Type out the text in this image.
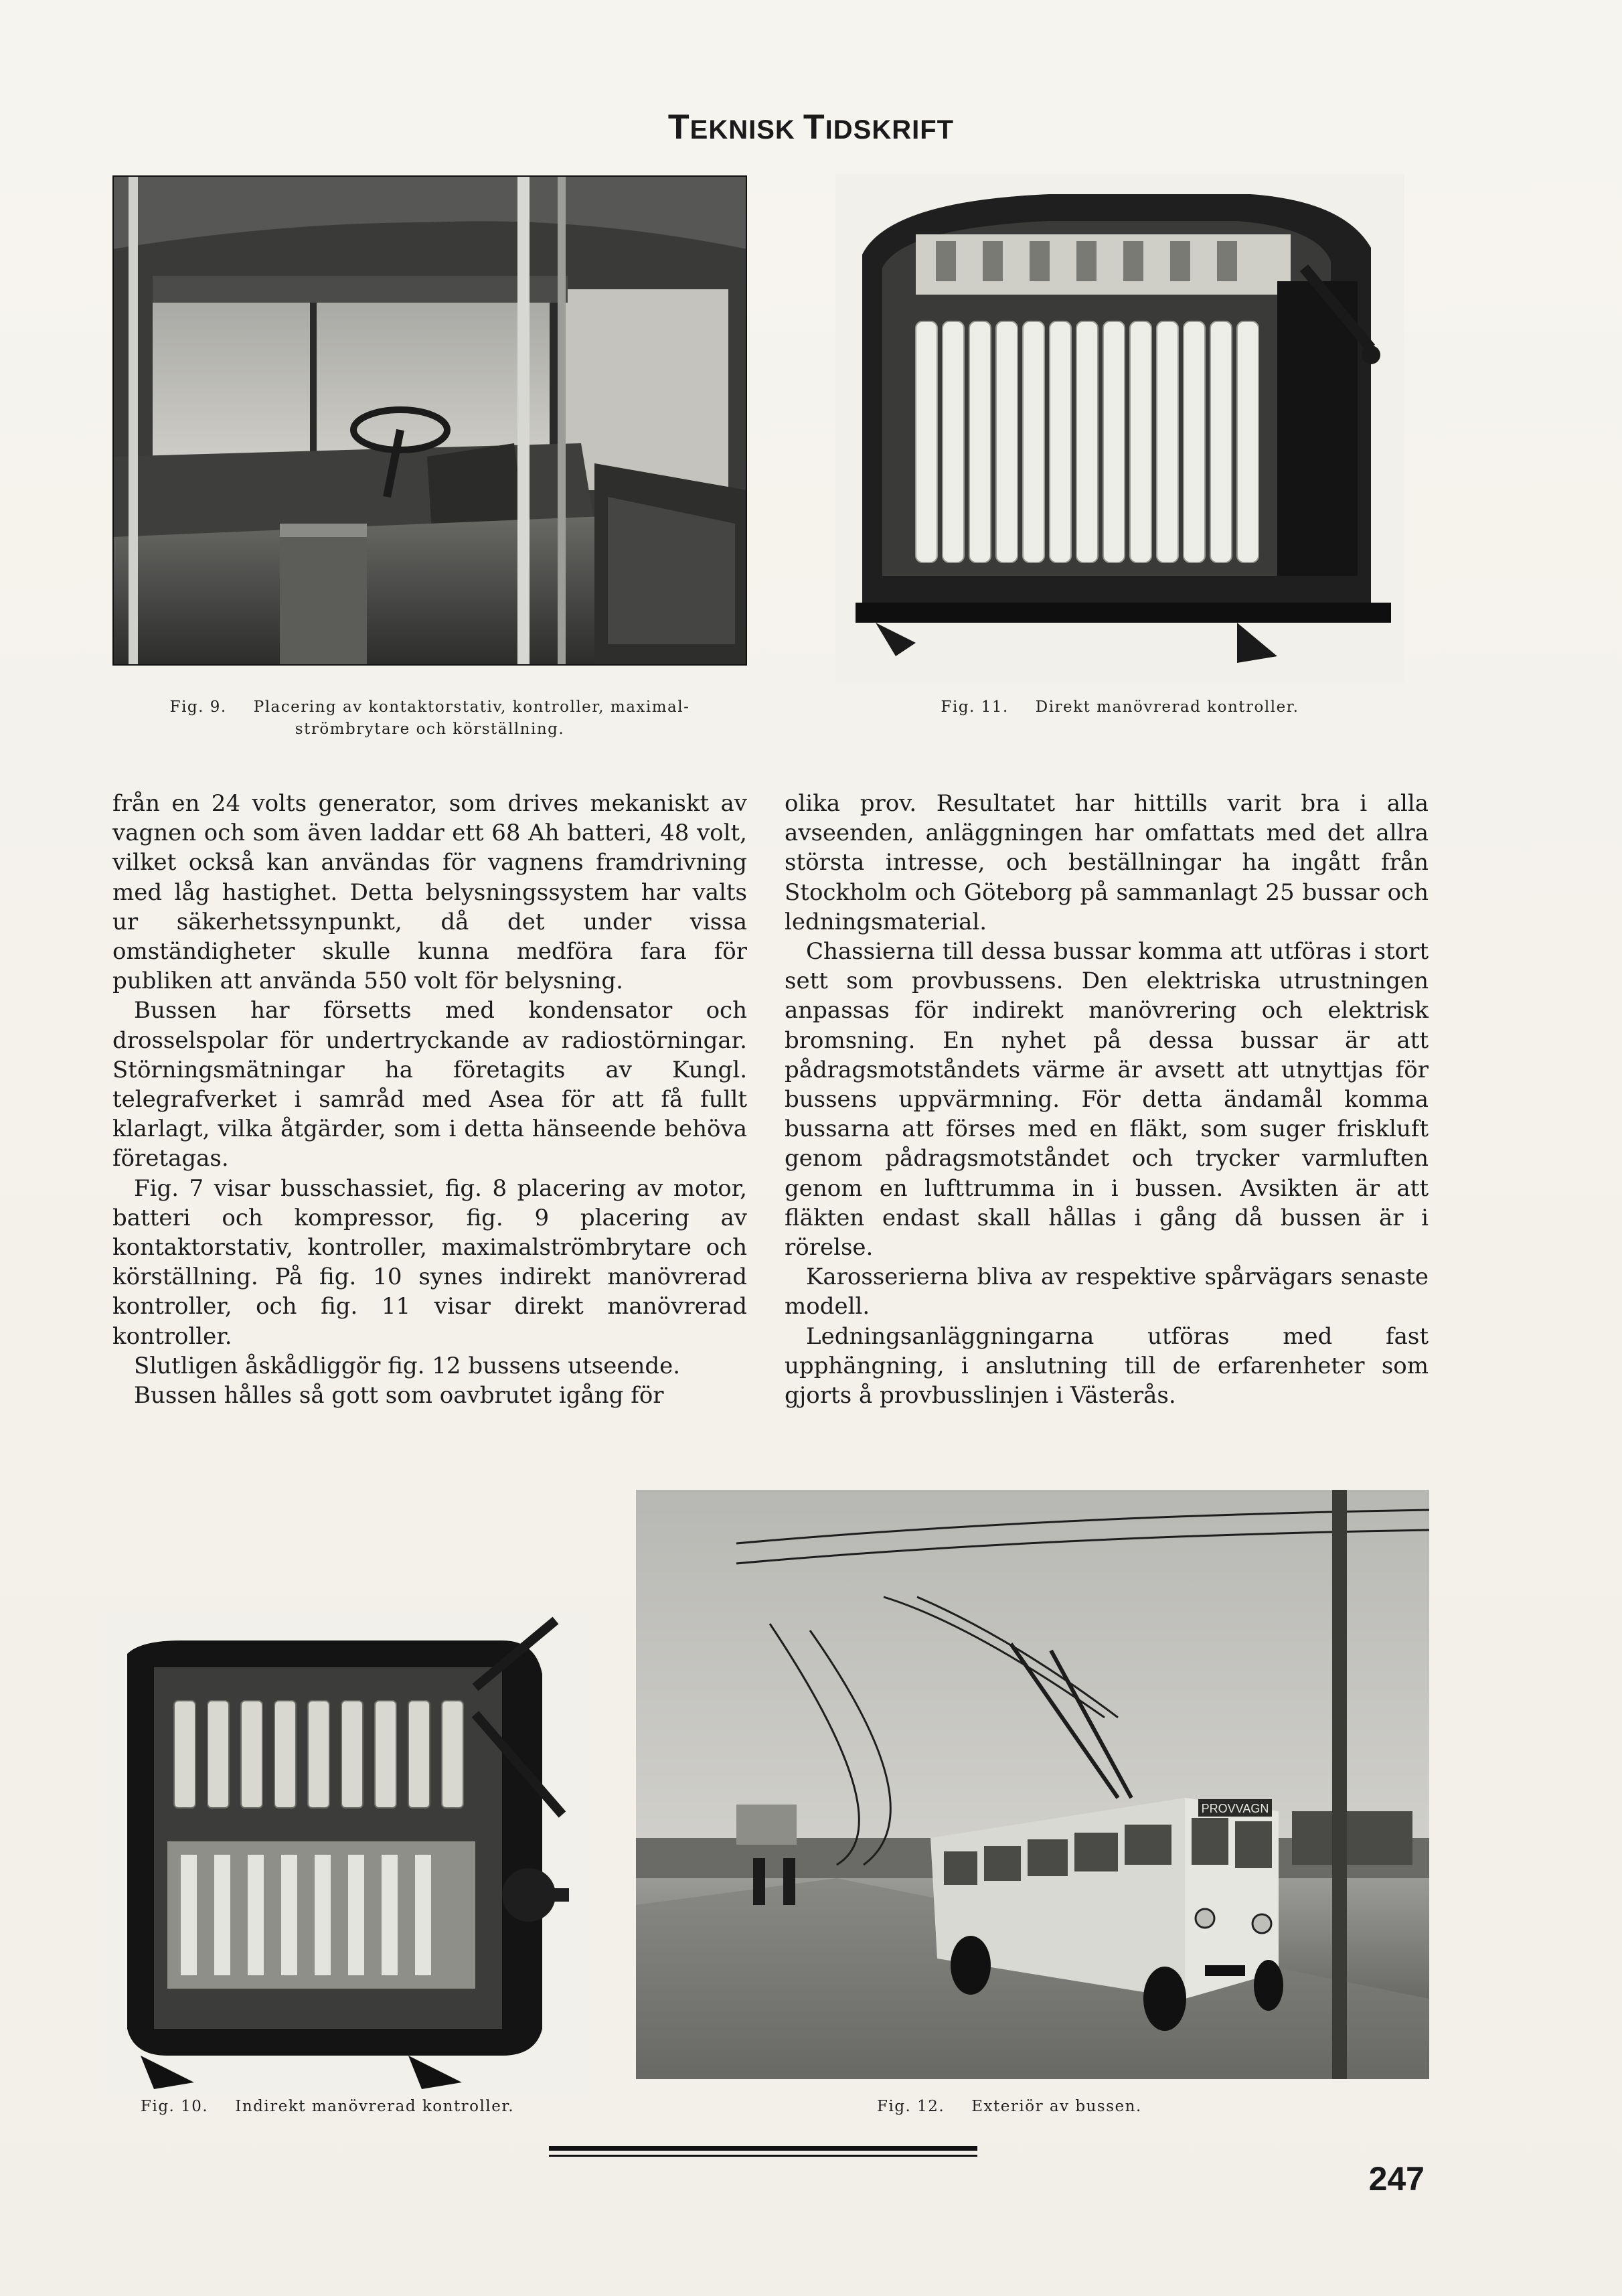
TEKNISK TIDSKRIFT
Fig. 9. Placering av kontaktorstativ, kontroller, maximal-
strömbrytare och körställning.
Fig. 11. Direkt manövrerad kontroller.

från en 24 volts generator, som drives mekaniskt av vagnen och som även laddar ett 68 Ah batteri, 48 volt, vilket också kan användas för vagnens framdrivning med låg hastighet. Detta belysningssystem har valts ur säkerhetssynpunkt, då det under vissa omständigheter skulle kunna medföra fara för publiken att använda 550 volt för belysning.

Bussen har försetts med kondensator och drosselspolar för undertryckande av radiostörningar. Störningsmätningar ha företagits av Kungl. telegrafverket i samråd med Asea för att få fullt klarlagt, vilka åtgärder, som i detta hänseende behöva företagas.

Fig. 7 visar busschassiet, fig. 8 placering av motor, batteri och kompressor, fig. 9 placering av kontaktorstativ, kontroller, maximalströmbrytare och körställning. På fig. 10 synes indirekt manövrerad kontroller, och fig. 11 visar direkt manövrerad kontroller.

Slutligen åskådliggör fig. 12 bussens utseende.

Bussen hålles så gott som oavbrutet igång för

olika prov. Resultatet har hittills varit bra i alla avseenden, anläggningen har omfattats med det allra största intresse, och beställningar ha ingått från Stockholm och Göteborg på sammanlagt 25 bussar och ledningsmaterial.

Chassierna till dessa bussar komma att utföras i stort sett som provbussens. Den elektriska utrustningen anpassas för indirekt manövrering och elektrisk bromsning. En nyhet på dessa bussar är att pådragsmotståndets värme är avsett att utnyttjas för bussens uppvärmning. För detta ändamål komma bussarna att förses med en fläkt, som suger friskluft genom pådragsmotståndet och trycker varmluften genom en lufttrumma in i bussen. Avsikten är att fläkten endast skall hållas i gång då bussen är i rörelse.

Karosserierna bliva av respektive spårvägars senaste modell.

Ledningsanläggningarna utföras med fast upphängning, i anslutning till de erfarenheter som gjorts å provbusslinjen i Västerås.

Fig. 10. Indirekt manövrerad kontroller.
PROVVAGN
Fig. 12. Exteriör av bussen.
247
